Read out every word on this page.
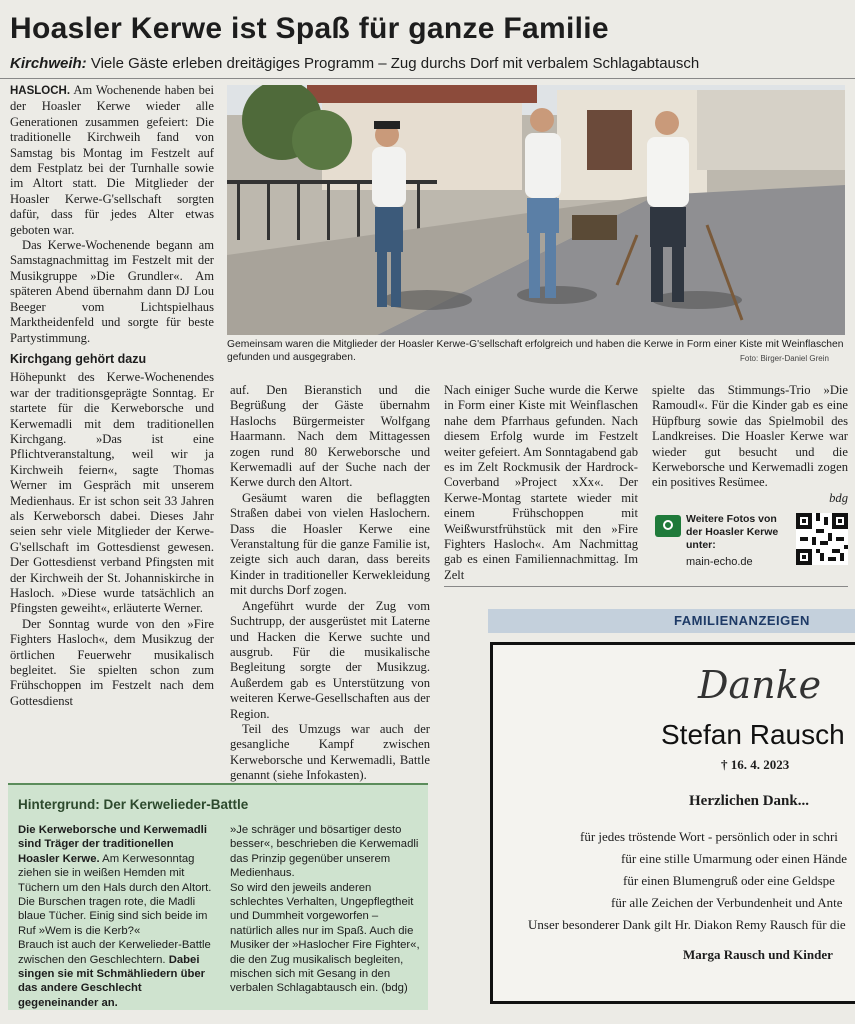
Hoasler Kerwe ist Spaß für ganze Familie
Kirchweih: Viele Gäste erleben dreitägiges Programm – Zug durchs Dorf mit verbalem Schlagabtausch
Gemeinsam waren die Mitglieder der Hoasler Kerwe-G'sellschaft erfolgreich und haben die Kerwe in Form einer Kiste mit Weinflaschen gefunden und ausgegraben.	Foto: Birger-Daniel Grein

HASLOCH. Am Wochenende haben bei der Hoasler Kerwe wieder alle Generationen zusammen gefeiert: Die traditionelle Kirchweih fand von Samstag bis Montag im Festzelt auf dem Festplatz bei der Turnhalle sowie im Altort statt. Die Mitglieder der Hoasler Kerwe-G'sellschaft sorgten dafür, dass für jedes Alter etwas geboten war.

Das Kerwe-Wochenende begann am Samstagnachmittag im Festzelt mit der Musikgruppe »Die Grundler«. Am späteren Abend übernahm dann DJ Lou Beeger vom Lichtspielhaus Marktheidenfeld und sorgte für beste Partystimmung.

Kirchgang gehört dazu

Höhepunkt des Kerwe-Wochenendes war der traditionsgeprägte Sonntag. Er startete für die Kerweborsche und Kerwemadli mit dem traditionellen Kirchgang. »Das ist eine Pflichtveranstaltung, weil wir ja Kirchweih feiern«, sagte Thomas Werner im Gespräch mit unserem Medienhaus. Er ist schon seit 33 Jahren als Kerweborsch dabei. Dieses Jahr seien sehr viele Mitglieder der Kerwe-G'sellschaft im Gottesdienst gewesen. Der Gottesdienst verband Pfingsten mit der Kirchweih der St. Johanniskirche in Hasloch. »Diese wurde tatsächlich an Pfingsten geweiht«, erläuterte Werner.

Der Sonntag wurde von den »Fire Fighters Hasloch«, dem Musikzug der örtlichen Feuerwehr musikalisch begleitet. Sie spielten schon zum Frühschoppen im Festzelt nach dem Gottesdienst

auf. Den Bieranstich und die Begrüßung der Gäste übernahm Haslochs Bürgermeister Wolfgang Haarmann. Nach dem Mittagessen zogen rund 80 Kerweborsche und Kerwemadli auf der Suche nach der Kerwe durch den Altort.

Gesäumt waren die beflaggten Straßen dabei von vielen Haslochern. Dass die Hoasler Kerwe eine Veranstaltung für die ganze Familie ist, zeigte sich auch daran, dass bereits Kinder in traditioneller Kerwekleidung mit durchs Dorf zogen.

Angeführt wurde der Zug vom Suchtrupp, der ausgerüstet mit Laterne und Hacken die Kerwe suchte und ausgrub. Für die musikalische Begleitung sorgte der Musikzug. Außerdem gab es Unterstützung von weiteren Kerwe-Gesellschaften aus der Region.

Teil des Umzugs war auch der gesangliche Kampf zwischen Kerweborsche und Kerwemadli, Battle genannt (siehe Infokasten).

Nach einiger Suche wurde die Kerwe in Form einer Kiste mit Weinflaschen nahe dem Pfarrhaus gefunden. Nach diesem Erfolg wurde im Festzelt weiter gefeiert. Am Sonntagabend gab es im Zelt Rockmusik der Hardrock-Coverband »Project xXx«. Der Kerwe-Montag startete wieder mit einem Frühschoppen mit Weißwurstfrühstück mit den »Fire Fighters Hasloch«. Am Nachmittag gab es einen Familiennachmittag. Im Zelt

spielte das Stimmungs-Trio »Die Ramoudl«. Für die Kinder gab es eine Hüpfburg sowie das Spielmobil des Landkreises. Die Hoasler Kerwe war wieder gut besucht und die Kerweborsche und Kerwemadli zogen ein positives Resümee.

bdg
Weitere Fotos von der Hoasler Kerwe unter:
main-echo.de
Hintergrund: Der Kerwelieder-Battle
Die Kerweborsche und Kerwemadli sind Träger der traditionellen Hoasler Kerwe. Am Kerwesonntag ziehen sie in weißen Hemden mit Tüchern um den Hals durch den Altort. Die Burschen tragen rote, die Madli blaue Tücher. Einig sind sich beide im Ruf »Wem is die Kerb?«
Brauch ist auch der Kerwelieder-Battle zwischen den Geschlechtern. Dabei singen sie mit Schmähliedern über das andere Geschlecht gegeneinander an.
»Je schräger und bösartiger desto besser«, beschrieben die Kerwemadli das Prinzip gegenüber unserem Medienhaus.
So wird den jeweils anderen schlechtes Verhalten, Ungepflegtheit und Dummheit vorgeworfen – natürlich alles nur im Spaß. Auch die Musiker der »Haslocher Fire Fighter«, die den Zug musikalisch begleiten, mischen sich mit Gesang in den verbalen Schlagabtausch ein. (bdg)
FAMILIENANZEIGEN
Danke
Stefan Rausch
† 16. 4. 2023
Herzlichen Dank...
für jedes tröstende Wort - persönlich oder in schri
für eine stille Umarmung oder einen Hände
für einen Blumengruß oder eine Geldspe
für alle Zeichen der Verbundenheit und Ante
Unser besonderer Dank gilt Hr. Diakon Remy Rausch für die
Marga Rausch und Kinder
